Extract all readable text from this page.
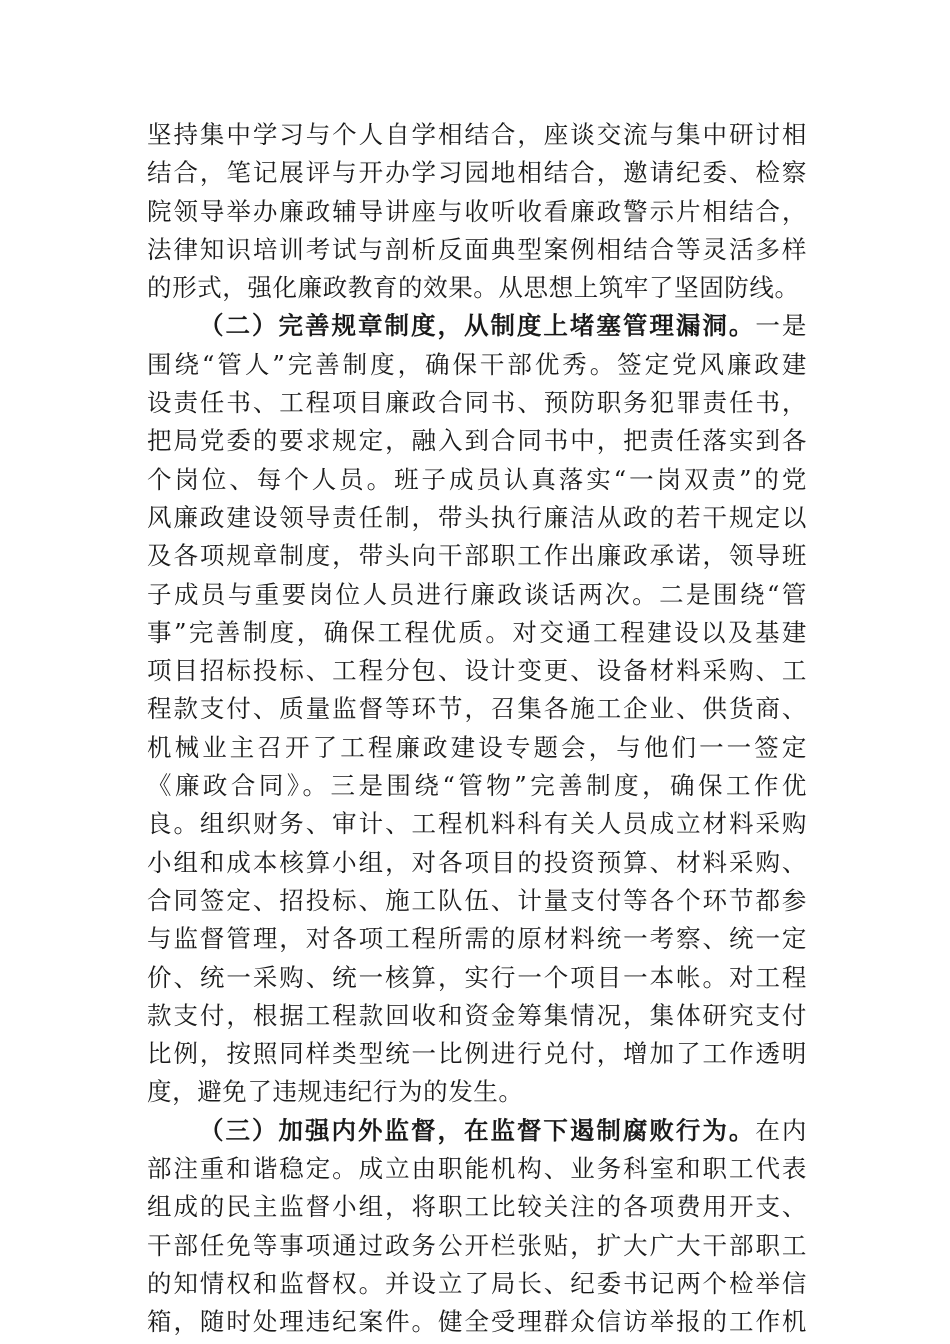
坚持集中学习与个人自学相结合，座谈交流与集中研讨相
结合，笔记展评与开办学习园地相结合，邀请纪委、检察
院领导举办廉政辅导讲座与收听收看廉政警示片相结合，
法律知识培训考试与剖析反面典型案例相结合等灵活多样
的形式，强化廉政教育的效果。从思想上筑牢了坚固防线。
（二）完善规章制度，从制度上堵塞管理漏洞。一是
围绕“管人”完善制度，确保干部优秀。签定党风廉政建
设责任书、工程项目廉政合同书、预防职务犯罪责任书，
把局党委的要求规定，融入到合同书中，把责任落实到各
个岗位、每个人员。班子成员认真落实“一岗双责”的党
风廉政建设领导责任制，带头执行廉洁从政的若干规定以
及各项规章制度，带头向干部职工作出廉政承诺，领导班
子成员与重要岗位人员进行廉政谈话两次。二是围绕“管
事”完善制度，确保工程优质。对交通工程建设以及基建
项目招标投标、工程分包、设计变更、设备材料采购、工
程款支付、质量监督等环节，召集各施工企业、供货商、
机械业主召开了工程廉政建设专题会，与他们一一签定
《廉政合同》。三是围绕“管物”完善制度，确保工作优
良。组织财务、审计、工程机料科有关人员成立材料采购
小组和成本核算小组，对各项目的投资预算、材料采购、
合同签定、招投标、施工队伍、计量支付等各个环节都参
与监督管理，对各项工程所需的原材料统一考察、统一定
价、统一采购、统一核算，实行一个项目一本帐。对工程
款支付，根据工程款回收和资金筹集情况，集体研究支付
比例，按照同样类型统一比例进行兑付，增加了工作透明
度，避免了违规违纪行为的发生。
（三）加强内外监督，在监督下遏制腐败行为。在内
部注重和谐稳定。成立由职能机构、业务科室和职工代表
组成的民主监督小组，将职工比较关注的各项费用开支、
干部任免等事项通过政务公开栏张贴，扩大广大干部职工
的知情权和监督权。并设立了局长、纪委书记两个检举信
箱，随时处理违纪案件。健全受理群众信访举报的工作机
